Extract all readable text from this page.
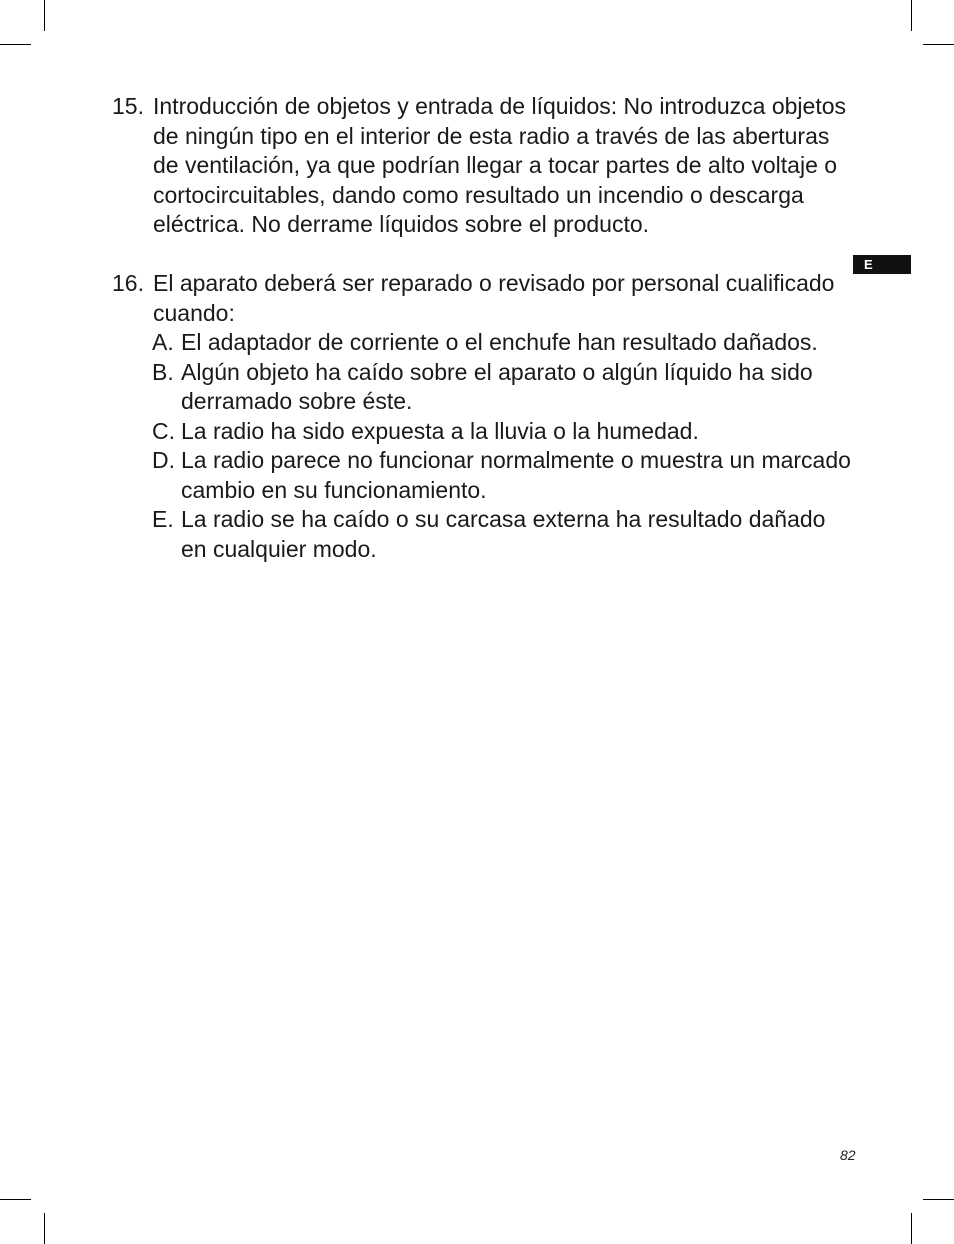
E
15. Introducción de objetos y entrada de líquidos: No introduzca objetos de ningún tipo en el interior de esta radio a través de las aberturas de ventilación, ya que podrían llegar a tocar partes de alto voltaje o cortocircuitables, dando como resultado un incendio o descarga eléctrica. No derrame líquidos sobre el producto.

16. El aparato deberá ser reparado o revisado por personal cualificado cuando:

A. El adaptador de corriente o el enchufe han resultado dañados.
B. Algún objeto ha caído sobre el aparato o algún líquido ha sido derramado sobre éste.
C. La radio ha sido expuesta a la lluvia o la humedad.
D. La radio parece no funcionar normalmente o muestra un marcado cambio en su funcionamiento.
E. La radio se ha caído o su carcasa externa ha resultado dañado en cualquier modo.
82
